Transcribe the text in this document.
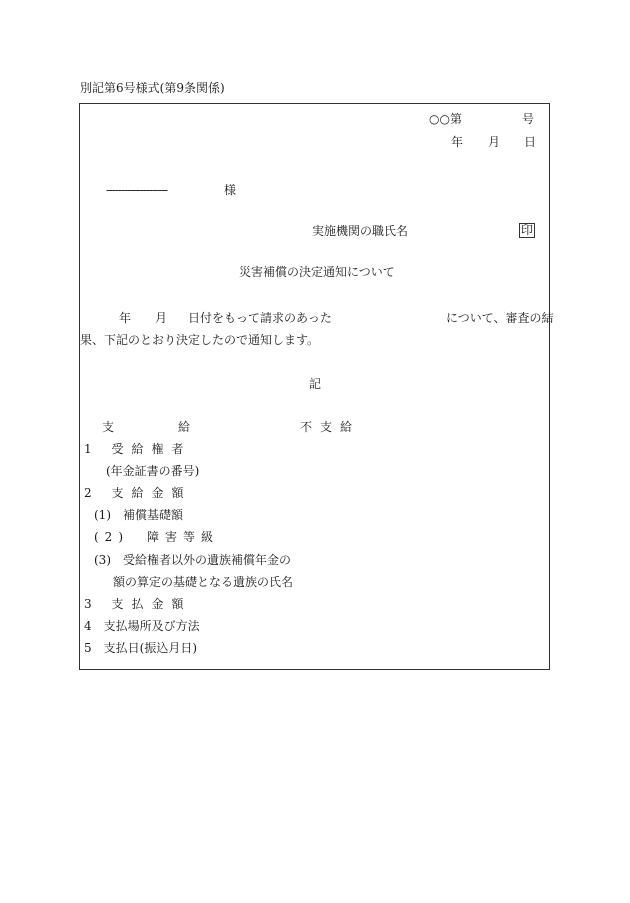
別記第6号様式(第9条関係)
○○第	号
年 月 日
--------------------	様
実施機関の職氏名	印
災害補償の決定通知について
年 月 日付をもって請求のあった	について、審査の結
果、下記のとおり決定したので通知します。
記
支　給	不支給
1 受給権者
(年金証書の番号)
2 支給金額
(1)　補償基礎額
(2)　障害等級
(3)　受給権者以外の遺族補償年金の
額の算定の基礎となる遺族の氏名
3 支払金額
4　支払場所及び方法
5　支払日(振込月日)
